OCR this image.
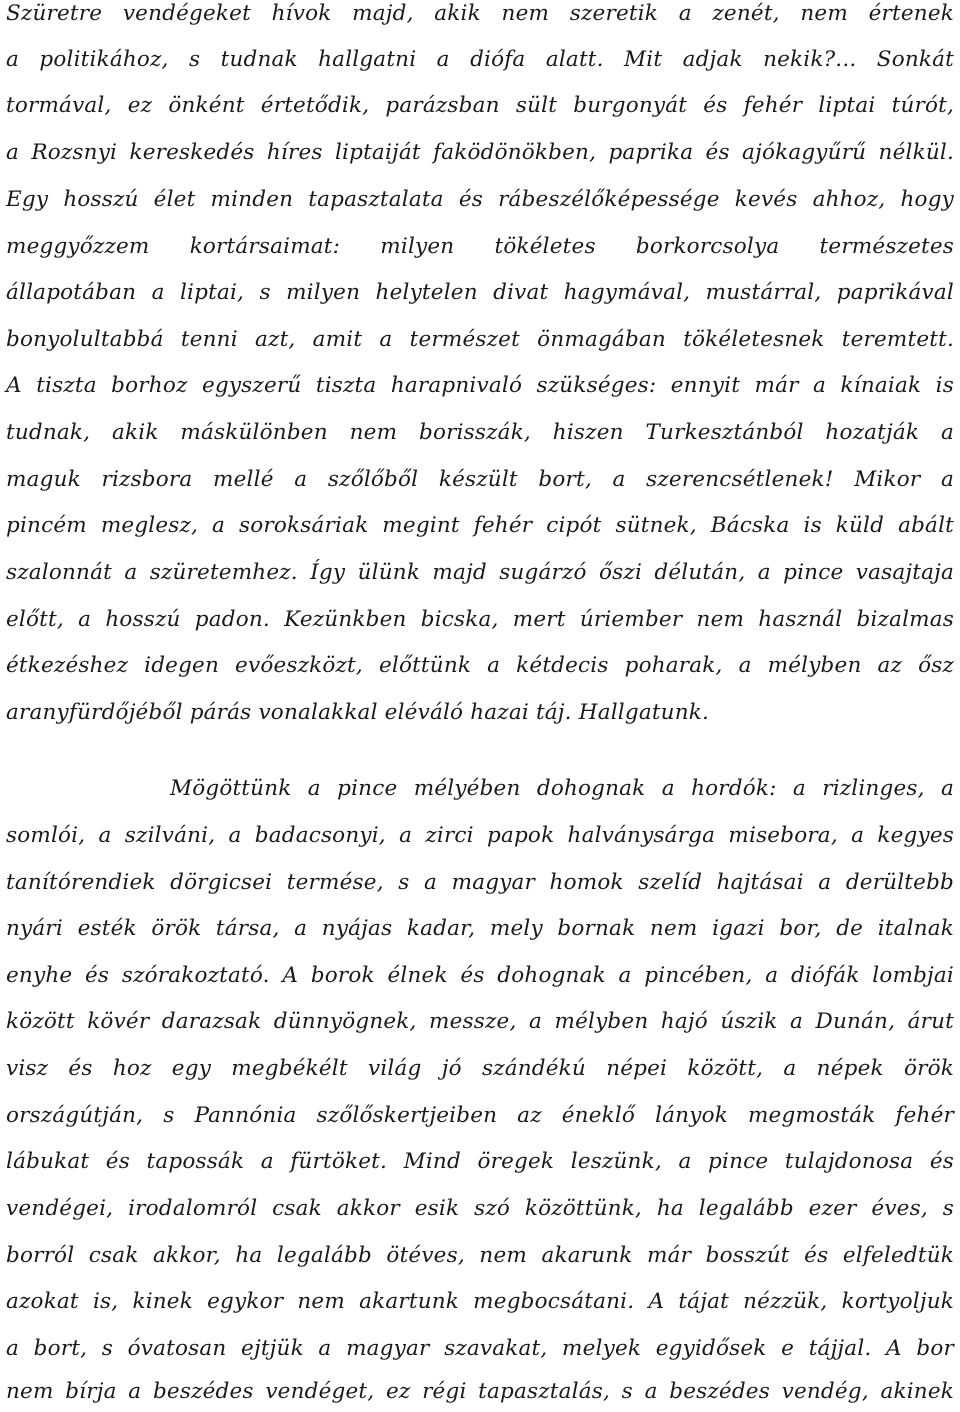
Szüretre vendégeket hívok majd, akik nem szeretik a zenét, nem értenek
a politikához, s tudnak hallgatni a diófa alatt. Mit adjak nekik?... Sonkát
tormával, ez önként értetődik, parázsban sült burgonyát és fehér liptai túrót,
a Rozsnyi kereskedés híres liptaiját faködönökben, paprika és ajókagyűrű nélkül.
Egy hosszú élet minden tapasztalata és rábeszélőképessége kevés ahhoz, hogy
meggyőzzem kortársaimat: milyen tökéletes borkorcsolya természetes
állapotában a liptai, s milyen helytelen divat hagymával, mustárral, paprikával
bonyolultabbá tenni azt, amit a természet önmagában tökéletesnek teremtett.
A tiszta borhoz egyszerű tiszta harapnivaló szükséges: ennyit már a kínaiak is
tudnak, akik máskülönben nem borisszák, hiszen Turkesztánból hozatják a
maguk rizsbora mellé a szőlőből készült bort, a szerencsétlenek! Mikor a
pincém meglesz, a soroksáriak megint fehér cipót sütnek, Bácska is küld abált
szalonnát a szüretemhez. Így ülünk majd sugárzó őszi délután, a pince vasajtaja
előtt, a hosszú padon. Kezünkben bicska, mert úriember nem használ bizalmas
étkezéshez idegen evőeszközt, előttünk a kétdecis poharak, a mélyben az ősz
aranyfürdőjéből párás vonalakkal eléváló hazai táj. Hallgatunk.
Mögöttünk a pince mélyében dohognak a hordók: a rizlinges, a
somlói, a szilváni, a badacsonyi, a zirci papok halványsárga misebora, a kegyes
tanítórendiek dörgicsei termése, s a magyar homok szelíd hajtásai a derültebb
nyári esték örök társa, a nyájas kadar, mely bornak nem igazi bor, de italnak
enyhe és szórakoztató. A borok élnek és dohognak a pincében, a diófák lombjai
között kövér darazsak dünnyögnek, messze, a mélyben hajó úszik a Dunán, árut
visz és hoz egy megbékélt világ jó szándékú népei között, a népek örök
országútján, s Pannónia szőlőskertjeiben az éneklő lányok megmosták fehér
lábukat és tapossák a fürtöket. Mind öregek leszünk, a pince tulajdonosa és
vendégei, irodalomról csak akkor esik szó közöttünk, ha legalább ezer éves, s
borról csak akkor, ha legalább ötéves, nem akarunk már bosszút és elfeledtük
azokat is, kinek egykor nem akartunk megbocsátani. A tájat nézzük, kortyoljuk
a bort, s óvatosan ejtjük a magyar szavakat, melyek egyidősek e tájjal. A bor
nem bírja a beszédes vendéget, ez régi tapasztalás, s a beszédes vendég, akinek
